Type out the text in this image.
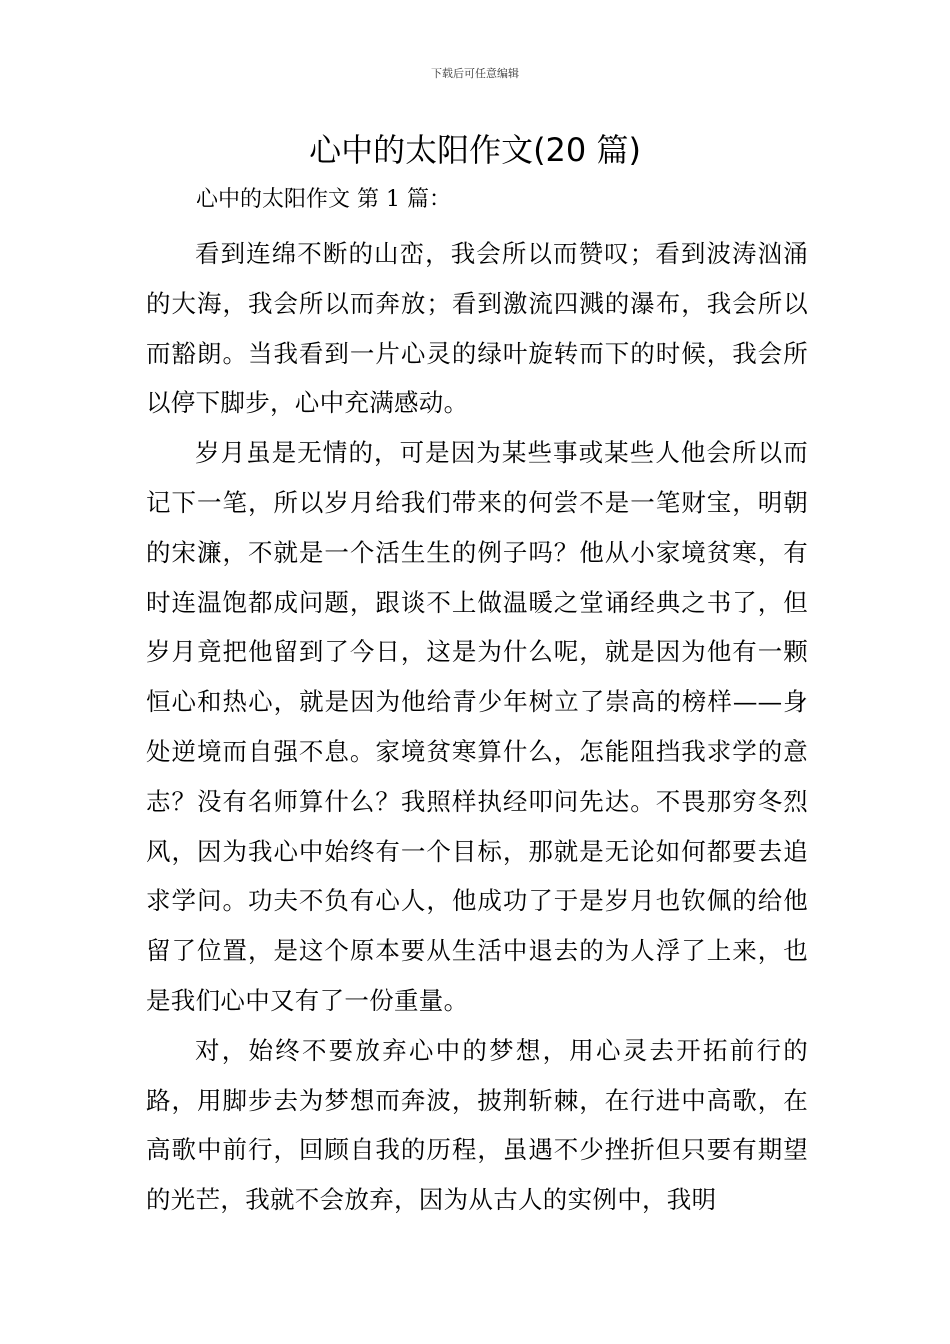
下载后可任意编辑
心中的太阳作文(20 篇)
心中的太阳作文 第 1 篇：

看到连绵不断的山峦，我会所以而赞叹；看到波涛汹涌的大海，我会所以而奔放；看到激流四溅的瀑布，我会所以而豁朗。当我看到一片心灵的绿叶旋转而下的时候，我会所以停下脚步，心中充满感动。

岁月虽是无情的，可是因为某些事或某些人他会所以而记下一笔，所以岁月给我们带来的何尝不是一笔财宝，明朝的宋濂，不就是一个活生生的例子吗？他从小家境贫寒，有时连温饱都成问题，跟谈不上做温暖之堂诵经典之书了，但岁月竟把他留到了今日，这是为什么呢，就是因为他有一颗恒心和热心，就是因为他给青少年树立了崇高的榜样——身处逆境而自强不息。家境贫寒算什么，怎能阻挡我求学的意志？没有名师算什么？我照样执经叩问先达。不畏那穷冬烈风，因为我心中始终有一个目标，那就是无论如何都要去追求学问。功夫不负有心人，他成功了于是岁月也钦佩的给他留了位置，是这个原本要从生活中退去的为人浮了上来，也是我们心中又有了一份重量。

对，始终不要放弃心中的梦想，用心灵去开拓前行的路，用脚步去为梦想而奔波，披荆斩棘，在行进中高歌，在高歌中前行，回顾自我的历程，虽遇不少挫折但只要有期望的光芒，我就不会放弃，因为从古人的实例中，我明
